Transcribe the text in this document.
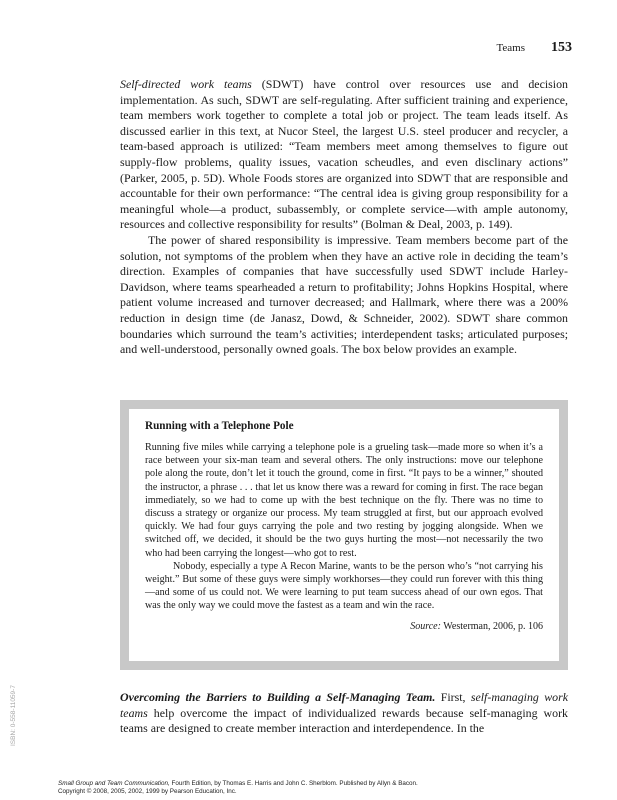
Teams 153

Self-directed work teams (SDWT) have control over resources use and decision implementation. As such, SDWT are self-regulating. After sufficient training and experience, team members work together to complete a total job or project. The team leads itself. As discussed earlier in this text, at Nucor Steel, the largest U.S. steel producer and recycler, a team-based approach is utilized: “Team members meet among themselves to figure out supply-flow problems, quality issues, vacation scheudles, and even disclinary actions” (Parker, 2005, p. 5D). Whole Foods stores are organized into SDWT that are responsible and accountable for their own performance: “The central idea is giving group responsibility for a meaningful whole—a product, subassembly, or complete service—with ample autonomy, resources and collective responsibility for results” (Bolman & Deal, 2003, p. 149).

The power of shared responsibility is impressive. Team members become part of the solution, not symptoms of the problem when they have an active role in deciding the team’s direction. Examples of companies that have successfully used SDWT include Harley-Davidson, where teams spearheaded a return to profitability; Johns Hopkins Hospital, where patient volume increased and turnover decreased; and Hallmark, where there was a 200% reduction in design time (de Janasz, Dowd, & Schneider, 2002). SDWT share common boundaries which surround the team’s activities; interdependent tasks; articulated purposes; and well-understood, personally owned goals. The box below provides an example.

Running with a Telephone Pole

Running five miles while carrying a telephone pole is a grueling task—made more so when it’s a race between your six-man team and several others. The only instructions: move our telephone pole along the route, don’t let it touch the ground, come in first. “It pays to be a winner,” shouted the instructor, a phrase . . . that let us know there was a reward for coming in first. The race began immediately, so we had to come up with the best technique on the fly. There was no time to discuss a strategy or organize our process. My team struggled at first, but our approach evolved quickly. We had four guys carrying the pole and two resting by jogging alongside. When we switched off, we decided, it should be the two guys hurting the most—not necessarily the two who had been carrying the longest—who got to rest.

Nobody, especially a type A Recon Marine, wants to be the person who’s “not carrying his weight.” But some of these guys were simply workhorses—they could run forever with this thing—and some of us could not. We were learning to put team success ahead of our own egos. That was the only way we could move the fastest as a team and win the race.

Source: Westerman, 2006, p. 106

Overcoming the Barriers to Building a Self-Managing Team. First, self-managing work teams help overcome the impact of individualized rewards because self-managing work teams are designed to create member interaction and interdependence. In the

ISBN: 0-558-11059-7
Small Group and Team Communication, Fourth Edition, by Thomas E. Harris and John C. Sherblom. Published by Allyn & Bacon.
Copyright © 2008, 2005, 2002, 1999 by Pearson Education, Inc.
